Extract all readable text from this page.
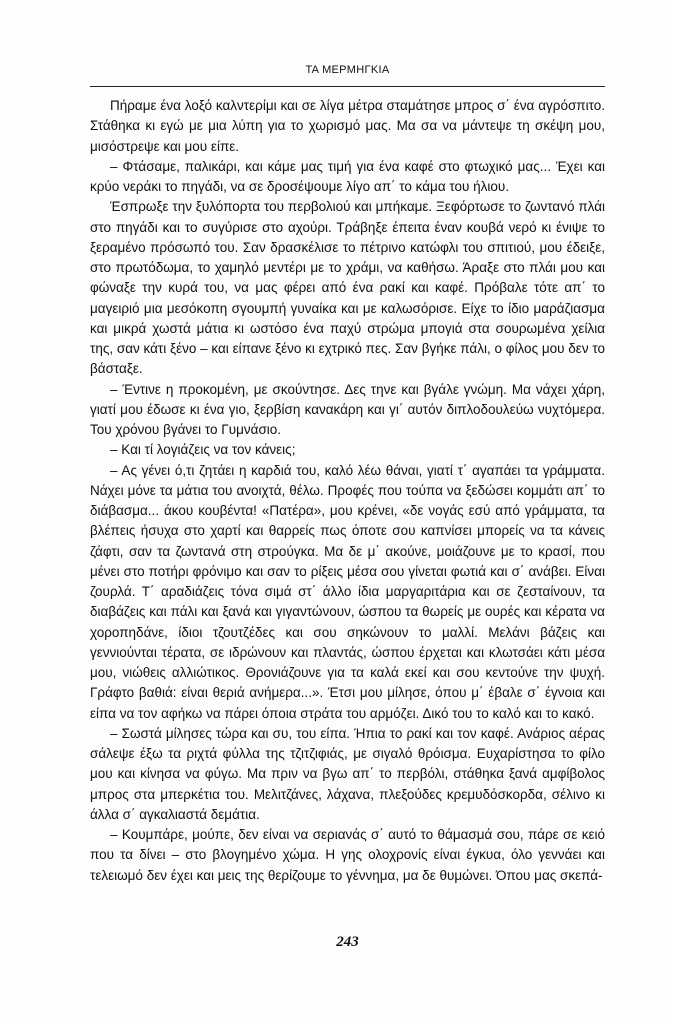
ΤΑ ΜΕΡΜΗΓΚΙΑ

Πήραμε ένα λοξό καλντερίμι και σε λίγα μέτρα σταμάτησε μπρος σ΄ ένα αγρόσπιτο. Στάθηκα κι εγώ με μια λύπη για το χωρισμό μας. Μα σα να μάντεψε τη σκέψη μου, μισόστρεψε και μου είπε.

– Φτάσαμε, παλικάρι, και κάμε μας τιμή για ένα καφέ στο φτωχικό μας... Έχει και κρύο νεράκι το πηγάδι, να σε δροσέψουμε λίγο απ΄ το κάμα του ήλιου.

Έσπρωξε την ξυλόπορτα του περβολιού και μπήκαμε. Ξεφόρτωσε το ζωντανό πλάι στο πηγάδι και το συγύρισε στο αχούρι. Τράβηξε έπειτα έναν κουβά νερό κι ένιψε το ξεραμένο πρόσωπό του. Σαν δρασκέλισε το πέτρινο κατώφλι του σπιτιού, μου έδειξε, στο πρωτόδωμα, το χαμηλό μεντέρι με το χράμι, να καθήσω. Άραξε στο πλάι μου και φώναξε την κυρά του, να μας φέρει από ένα ρακί και καφέ. Πρόβαλε τότε απ΄ το μαγειριό μια μεσόκοπη σγουμπή γυναίκα και με καλωσόρισε. Είχε το ίδιο μαράζιασμα και μικρά χωστά μάτια κι ωστόσο ένα παχύ στρώμα μπογιά στα σουρωμένα χείλια της, σαν κάτι ξένο – και είπανε ξένο κι εχτρικό πες. Σαν βγήκε πάλι, ο φίλος μου δεν το βάσταξε.

– Έντινε η προκομένη, με σκούντησε. Δες τηνε και βγάλε γνώμη. Μα νάχει χάρη, γιατί μου έδωσε κι ένα γιο, ξερβίση κανακάρη και γι΄ αυτόν διπλοδουλεύω νυχτόμερα. Του χρόνου βγάνει το Γυμνάσιο.

– Και τί λογιάζεις να τον κάνεις;

– Ας γένει ό,τι ζητάει η καρδιά του, καλό λέω θάναι, γιατί τ΄ αγαπάει τα γράμματα. Νάχει μόνε τα μάτια του ανοιχτά, θέλω. Προφές που τούπα να ξεδώσει κομμάτι απ΄ το διάβασμα... άκου κουβέντα! «Πατέρα», μου κρένει, «δε νογάς εσύ από γράμματα, τα βλέπεις ήσυχα στο χαρτί και θαρρείς πως όποτε σου καπνίσει μπορείς να τα κάνεις ζάφτι, σαν τα ζωντανά στη στρούγκα. Μα δε μ΄ ακούνε, μοιάζουνε με το κρασί, που μένει στο ποτήρι φρόνιμο και σαν το ρίξεις μέσα σου γίνεται φωτιά και σ΄ ανάβει. Είναι ζουρλά. Τ΄ αραδιάζεις τόνα σιμά στ΄ άλλο ίδια μαργαριτάρια και σε ζεσταίνουν, τα διαβάζεις και πάλι και ξανά και γιγαντώνουν, ώσπου τα θωρείς με ουρές και κέρατα να χοροπηδάνε, ίδιοι τζουτζέδες και σου σηκώνουν το μαλλί. Μελάνι βάζεις και γεννιούνται τέρατα, σε ιδρώνουν και πλαντάς, ώσπου έρχεται και κλωτσάει κάτι μέσα μου, νιώθεις αλλιώτικος. Θρονιάζουνε για τα καλά εκεί και σου κεντούνε την ψυχή. Γράφτο βαθιά: είναι θεριά ανήμερα...». Έτσι μου μίλησε, όπου μ΄ έβαλε σ΄ έγνοια και είπα να τον αφήκω να πάρει όποια στράτα του αρμόζει. Δικό του το καλό και το κακό.

– Σωστά μίλησες τώρα και συ, του είπα. Ήπια το ρακί και τον καφέ. Ανάριος αέρας σάλεψε έξω τα ριχτά φύλλα της τζιτζιφιάς, με σιγαλό θρόισμα. Ευχαρίστησα το φίλο μου και κίνησα να φύγω. Μα πριν να βγω απ΄ το περβόλι, στάθηκα ξανά αμφίβολος μπρος στα μπερκέτια του. Μελιτζάνες, λάχανα, πλεξούδες κρεμυδόσκορδα, σέλινο κι άλλα σ΄ αγκαλιαστά δεμάτια.

– Κουμπάρε, μούπε, δεν είναι να σεριανάς σ΄ αυτό το θάμασμά σου, πάρε σε κειό που τα δίνει – στο βλογημένο χώμα. Η γης ολοχρονίς είναι έγκυα, όλο γεννάει και τελειωμό δεν έχει και μεις της θερίζουμε το γέννημα, μα δε θυμώνει. Όπου μας σκεπά-

243
